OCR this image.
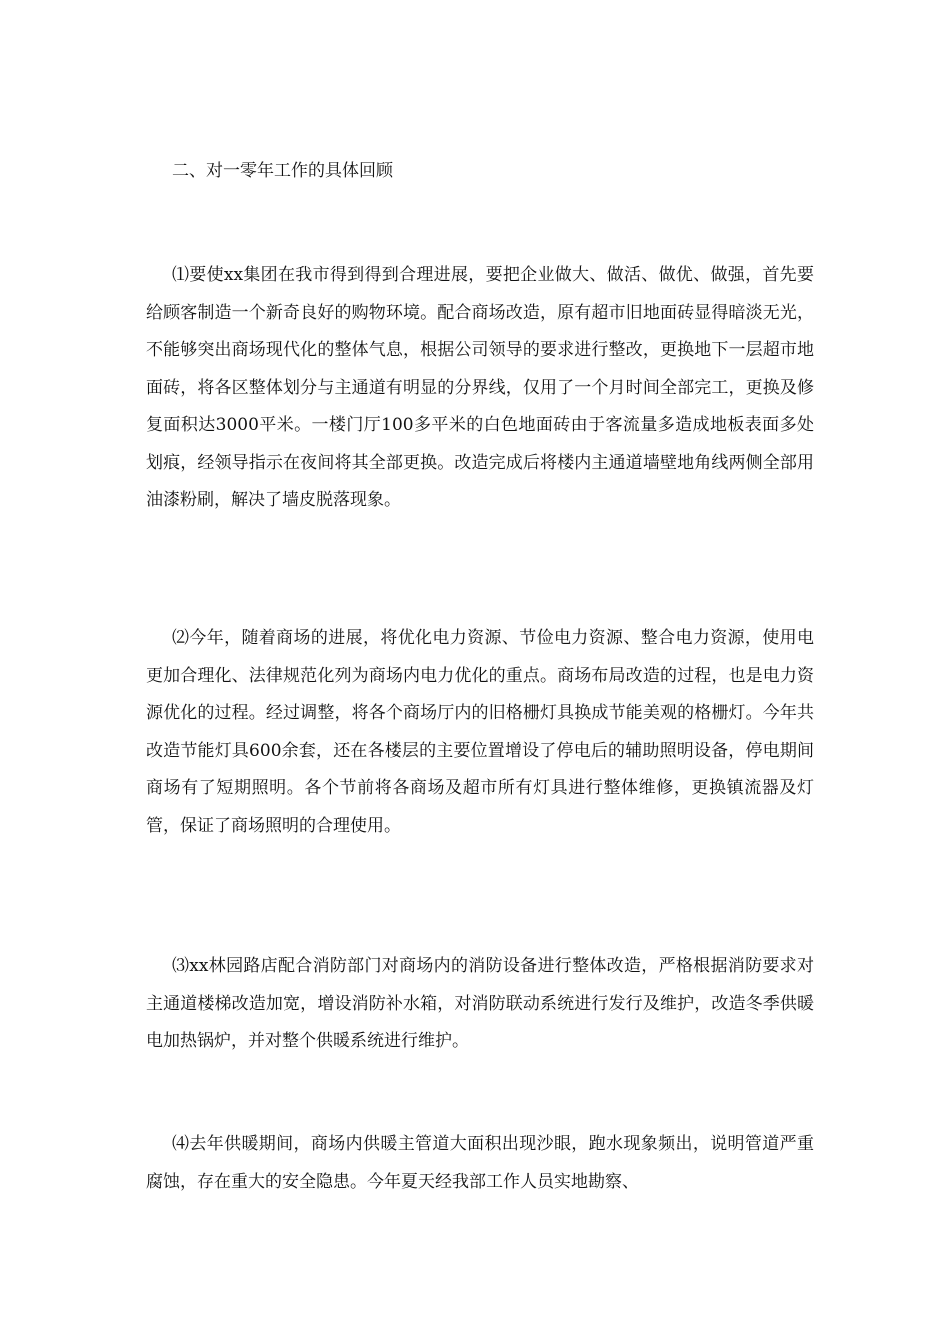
二、对一零年工作的具体回顾

⑴要使xx集团在我市得到得到合理进展，要把企业做大、做活、做优、做强，首先要给顾客制造一个新奇良好的购物环境。配合商场改造，原有超市旧地面砖显得暗淡无光，不能够突出商场现代化的整体气息，根据公司领导的要求进行整改，更换地下一层超市地面砖，将各区整体划分与主通道有明显的分界线，仅用了一个月时间全部完工，更换及修复面积达3000平米。一楼门厅100多平米的白色地面砖由于客流量多造成地板表面多处划痕，经领导指示在夜间将其全部更换。改造完成后将楼内主通道墙壁地角线两侧全部用油漆粉刷，解决了墙皮脱落现象。

⑵今年，随着商场的进展，将优化电力资源、节俭电力资源、整合电力资源，使用电更加合理化、法律规范化列为商场内电力优化的重点。商场布局改造的过程，也是电力资源优化的过程。经过调整，将各个商场厅内的旧格栅灯具换成节能美观的格栅灯。今年共改造节能灯具600余套，还在各楼层的主要位置增设了停电后的辅助照明设备，停电期间商场有了短期照明。各个节前将各商场及超市所有灯具进行整体维修，更换镇流器及灯管，保证了商场照明的合理使用。

⑶xx林园路店配合消防部门对商场内的消防设备进行整体改造，严格根据消防要求对主通道楼梯改造加宽，增设消防补水箱，对消防联动系统进行发行及维护，改造冬季供暖电加热锅炉，并对整个供暖系统进行维护。

⑷去年供暖期间，商场内供暖主管道大面积出现沙眼，跑水现象频出，说明管道严重腐蚀，存在重大的安全隐患。今年夏天经我部工作人员实地勘察、
